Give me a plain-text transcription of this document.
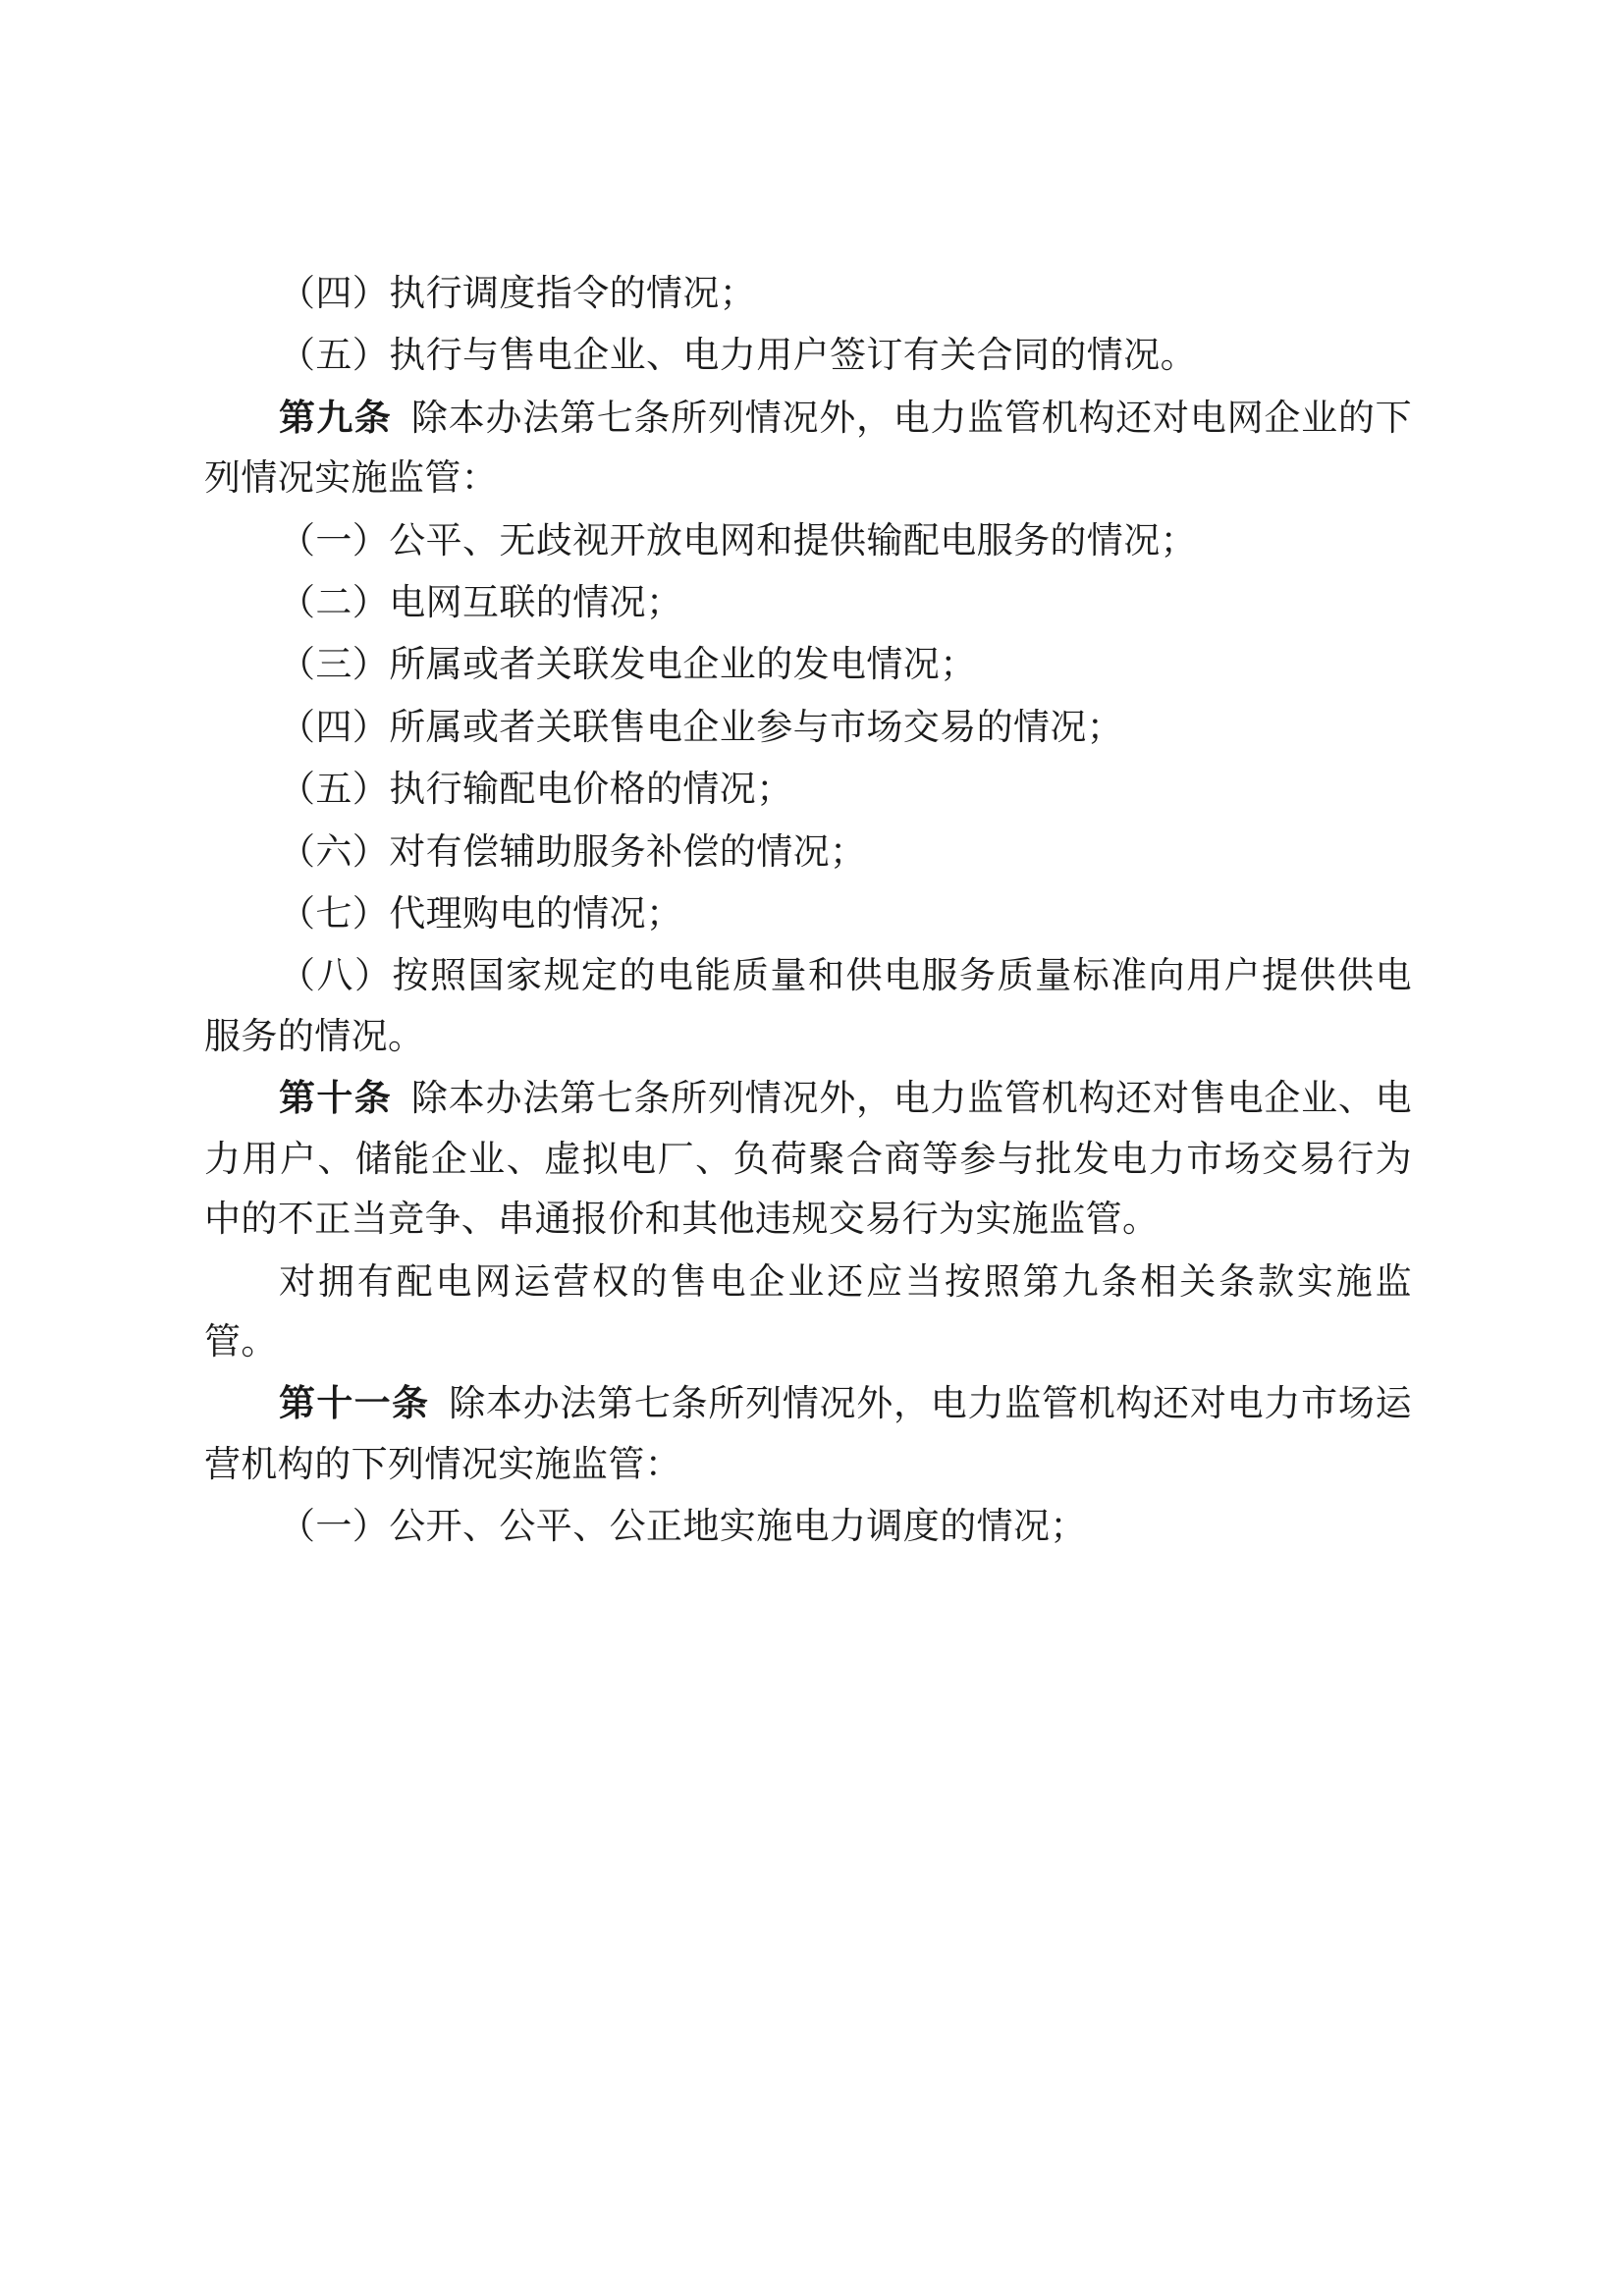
（四）执行调度指令的情况；

（五）执行与售电企业、电力用户签订有关合同的情况。

第九条 除本办法第七条所列情况外，电力监管机构还对电网企业的下列情况实施监管：

（一）公平、无歧视开放电网和提供输配电服务的情况；

（二）电网互联的情况；

（三）所属或者关联发电企业的发电情况；

（四）所属或者关联售电企业参与市场交易的情况；

（五）执行输配电价格的情况；

（六）对有偿辅助服务补偿的情况；

（七）代理购电的情况；

（八）按照国家规定的电能质量和供电服务质量标准向用户提供供电服务的情况。

第十条 除本办法第七条所列情况外，电力监管机构还对售电企业、电力用户、储能企业、虚拟电厂、负荷聚合商等参与批发电力市场交易行为中的不正当竞争、串通报价和其他违规交易行为实施监管。

对拥有配电网运营权的售电企业还应当按照第九条相关条款实施监管。

第十一条 除本办法第七条所列情况外，电力监管机构还对电力市场运营机构的下列情况实施监管：

（一）公开、公平、公正地实施电力调度的情况；
